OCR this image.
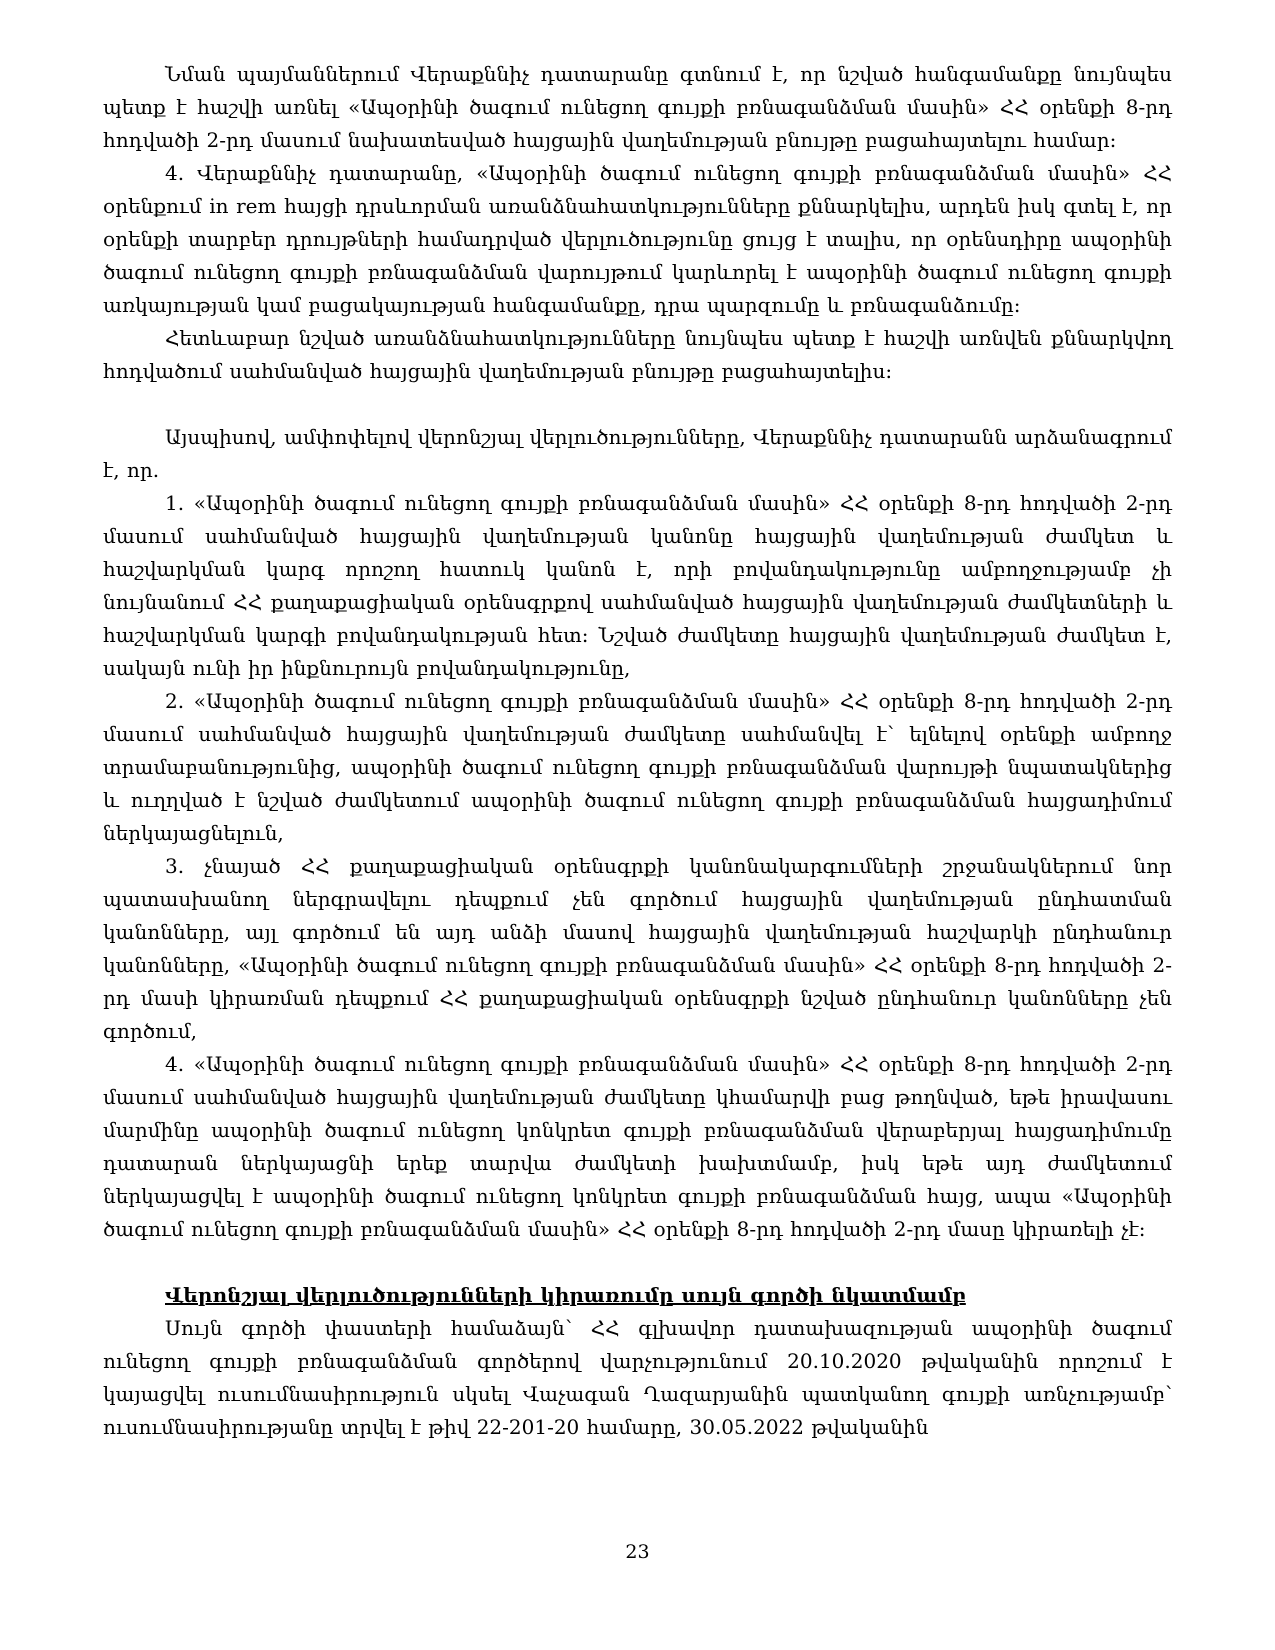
Նման պայմաններում Վերաքննիչ դատարանը գտնում է, որ նշված հանգամանքը նույնպես պետք է հաշվի առնել «Ապօրինի ծագում ունեցող գույքի բռնագանձման մասին» ՀՀ օրենքի 8-րդ հոդվածի 2-րդ մասում նախատեսված հայցային վաղեմության բնույթը բացահայտելու համար:

4. Վերաքննիչ դատարանը, «Ապօրինի ծագում ունեցող գույքի բռնագանձման մասին» ՀՀ օրենքում in rem հայցի դրսևորման առանձնահատկությունները քննարկելիս, արդեն իսկ գտել է, որ օրենքի տարբեր դրույթների համադրված վերլուծությունը ցույց է տալիս, որ օրենսդիրը ապօրինի ծագում ունեցող գույքի բռնագանձման վարույթում կարևորել է ապօրինի ծագում ունեցող գույքի առկայության կամ բացակայության հանգամանքը, դրա պարզումը և բռնագանձումը:

Հետևաբար նշված առանձնահատկությունները նույնպես պետք է հաշվի առնվեն քննարկվող հոդվածում սահմանված հայցային վաղեմության բնույթը բացահայտելիս:

Այսպիսով, ամփոփելով վերոնշյալ վերլուծությունները, Վերաքննիչ դատարանն արձանագրում է, որ.

1. «Ապօրինի ծագում ունեցող գույքի բռնագանձման մասին» ՀՀ օրենքի 8-րդ հոդվածի 2-րդ մասում սահմանված հայցային վաղեմության կանոնը հայցային վաղեմության ժամկետ և հաշվարկման կարգ որոշող հատուկ կանոն է, որի բովանդակությունը ամբողջությամբ չի նույնանում ՀՀ քաղաքացիական օրենսգրքով սահմանված հայցային վաղեմության ժամկետների և հաշվարկման կարգի բովանդակության հետ: Նշված ժամկետը հայցային վաղեմության ժամկետ է, սակայն ունի իր ինքնուրույն բովանդակությունը,

2. «Ապօրինի ծագում ունեցող գույքի բռնագանձման մասին» ՀՀ օրենքի 8-րդ հոդվածի 2-րդ մասում սահմանված հայցային վաղեմության ժամկետը սահմանվել է՝ ելնելով օրենքի ամբողջ տրամաբանությունից, ապօրինի ծագում ունեցող գույքի բռնագանձման վարույթի նպատակներից և ուղղված է նշված ժամկետում ապօրինի ծագում ունեցող գույքի բռնագանձման հայցադիմում ներկայացնելուն,

3. չնայած ՀՀ քաղաքացիական օրենսգրքի կանոնակարգումների շրջանակներում նոր պատասխանող ներգրավելու դեպքում չեն գործում հայցային վաղեմության ընդհատման կանոնները, այլ գործում են այդ անձի մասով հայցային վաղեմության հաշվարկի ընդհանուր կանոնները, «Ապօրինի ծագում ունեցող գույքի բռնագանձման մասին» ՀՀ օրենքի 8-րդ հոդվածի 2-րդ մասի կիրառման դեպքում ՀՀ քաղաքացիական օրենսգրքի նշված ընդհանուր կանոնները չեն գործում,

4. «Ապօրինի ծագում ունեցող գույքի բռնագանձման մասին» ՀՀ օրենքի 8-րդ հոդվածի 2-րդ մասում սահմանված հայցային վաղեմության ժամկետը կհամարվի բաց թողնված, եթե իրավասու մարմինը ապօրինի ծագում ունեցող կոնկրետ գույքի բռնագանձման վերաբերյալ հայցադիմումը դատարան ներկայացնի երեք տարվա ժամկետի խախտմամբ, իսկ եթե այդ ժամկետում ներկայացվել է ապօրինի ծագում ունեցող կոնկրետ գույքի բռնագանձման հայց, ապա «Ապօրինի ծագում ունեցող գույքի բռնագանձման մասին» ՀՀ օրենքի 8-րդ հոդվածի 2-րդ մասը կիրառելի չէ:

Վերոնշյալ վերլուծությունների կիրառումը սույն գործի նկատմամբ

Սույն գործի փաստերի համաձայն՝ ՀՀ գլխավոր դատախազության ապօրինի ծագում ունեցող գույքի բռնագանձման գործերով վարչությունում 20.10.2020 թվականին որոշում է կայացվել ուսումնասիրություն սկսել Վաչագան Ղազարյանին պատկանող գույքի առնչությամբ՝ ուսումնասիրությանը տրվել է թիվ 22-201-20 համարը, 30.05.2022 թվականին

23
